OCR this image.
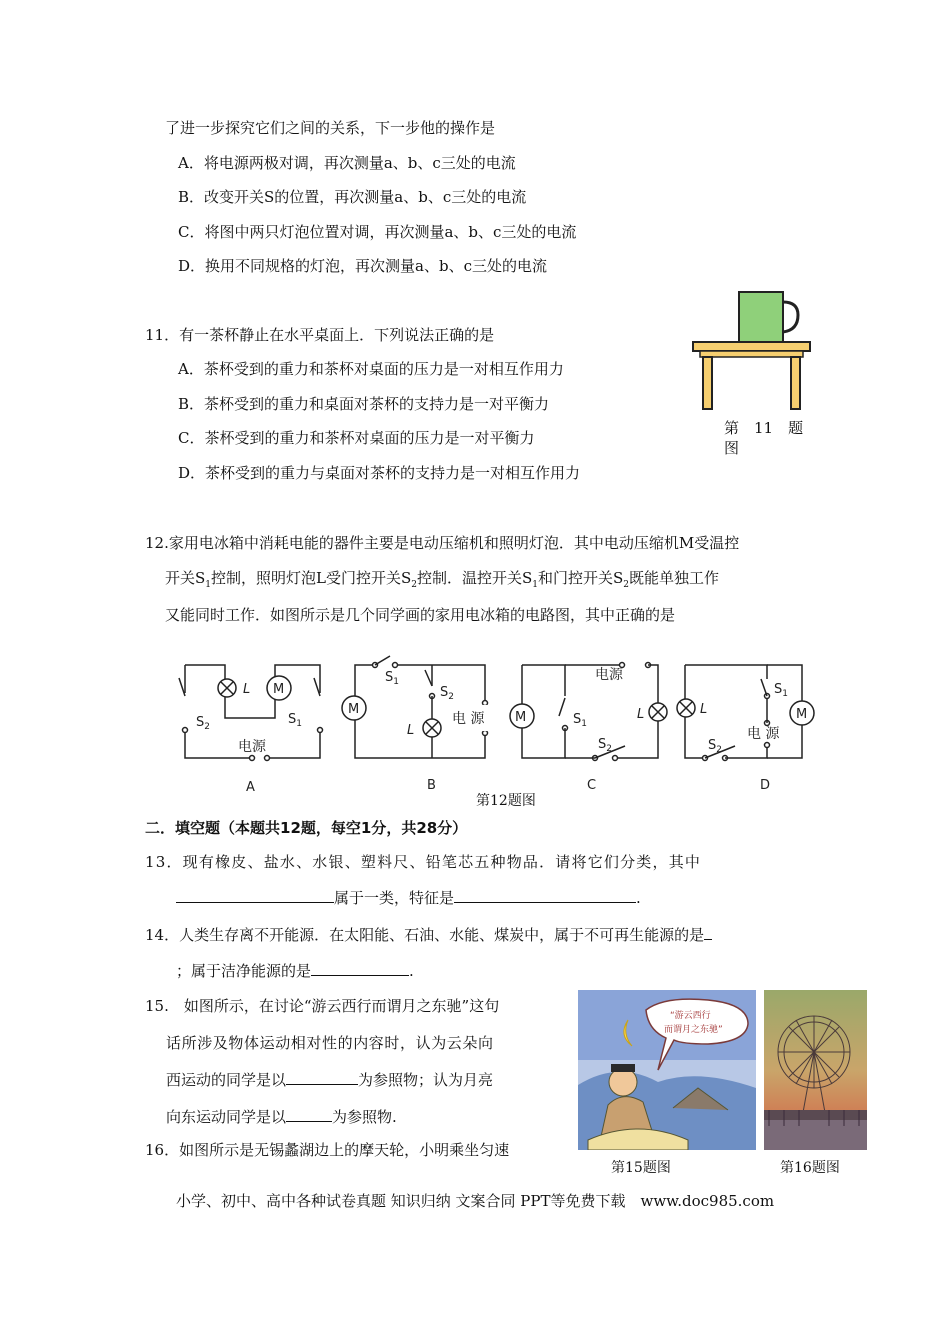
了进一步探究它们之间的关系，下一步他的操作是
A．将电源两极对调，再次测量a、b、c三处的电流
B．改变开关S的位置，再次测量a、b、c三处的电流
C．将图中两只灯泡位置对调，再次测量a、b、c三处的电流
D．换用不同规格的灯泡，再次测量a、b、c三处的电流
11．有一茶杯静止在水平桌面上．下列说法正确的是
A．茶杯受到的重力和茶杯对桌面的压力是一对相互作用力
B．茶杯受到的重力和桌面对茶杯的支持力是一对平衡力
C．茶杯受到的重力和茶杯对桌面的压力是一对平衡力
D．茶杯受到的重力与桌面对茶杯的支持力是一对相互作用力
第　11　题
图
12.家用电冰箱中消耗电能的器件主要是电动压缩机和照明灯泡．其中电动压缩机M受温控
开关$S_1$控制，照明灯泡L受门控开关$S_2$控制．温控开关$S_1$和门控开关$S_2$既能单独工作
又能同时工作．如图所示是几个同学画的家用电冰箱的电路图，其中正确的是
L M
$S_2$	$S_1$
电源
M
$S_1$
$S_2$
L
电 源 M	$S_1$
电源
L
$S_2$
L
$S_1$
电 源
$S_2$
M
A	B	C	D
第12题图
二．填空题（本题共12题，每空1分，共28分）
13．现有橡皮、盐水、水银、塑料尺、铅笔芯五种物品．请将它们分类，其中
属于一类，特征是	.
14．人类生存离不开能源．在太阳能、石油、水能、煤炭中，属于不可再生能源的是
；属于洁净能源的是	.
15.　如图所示，在讨论“游云西行而谓月之东驰”这句
话所涉及物体运动相对性的内容时，认为云朵向
西运动的同学是以	为参照物；认为月亮
向东运动同学是以	为参照物.
“游云西行
而谓月之东驰”
第15题图	第16题图
16．如图所示是无锡蠡湖边上的摩天轮，小明乘坐匀速
小学、初中、高中各种试卷真题 知识归纳 文案合同 PPT等免费下载　www.doc985.com
